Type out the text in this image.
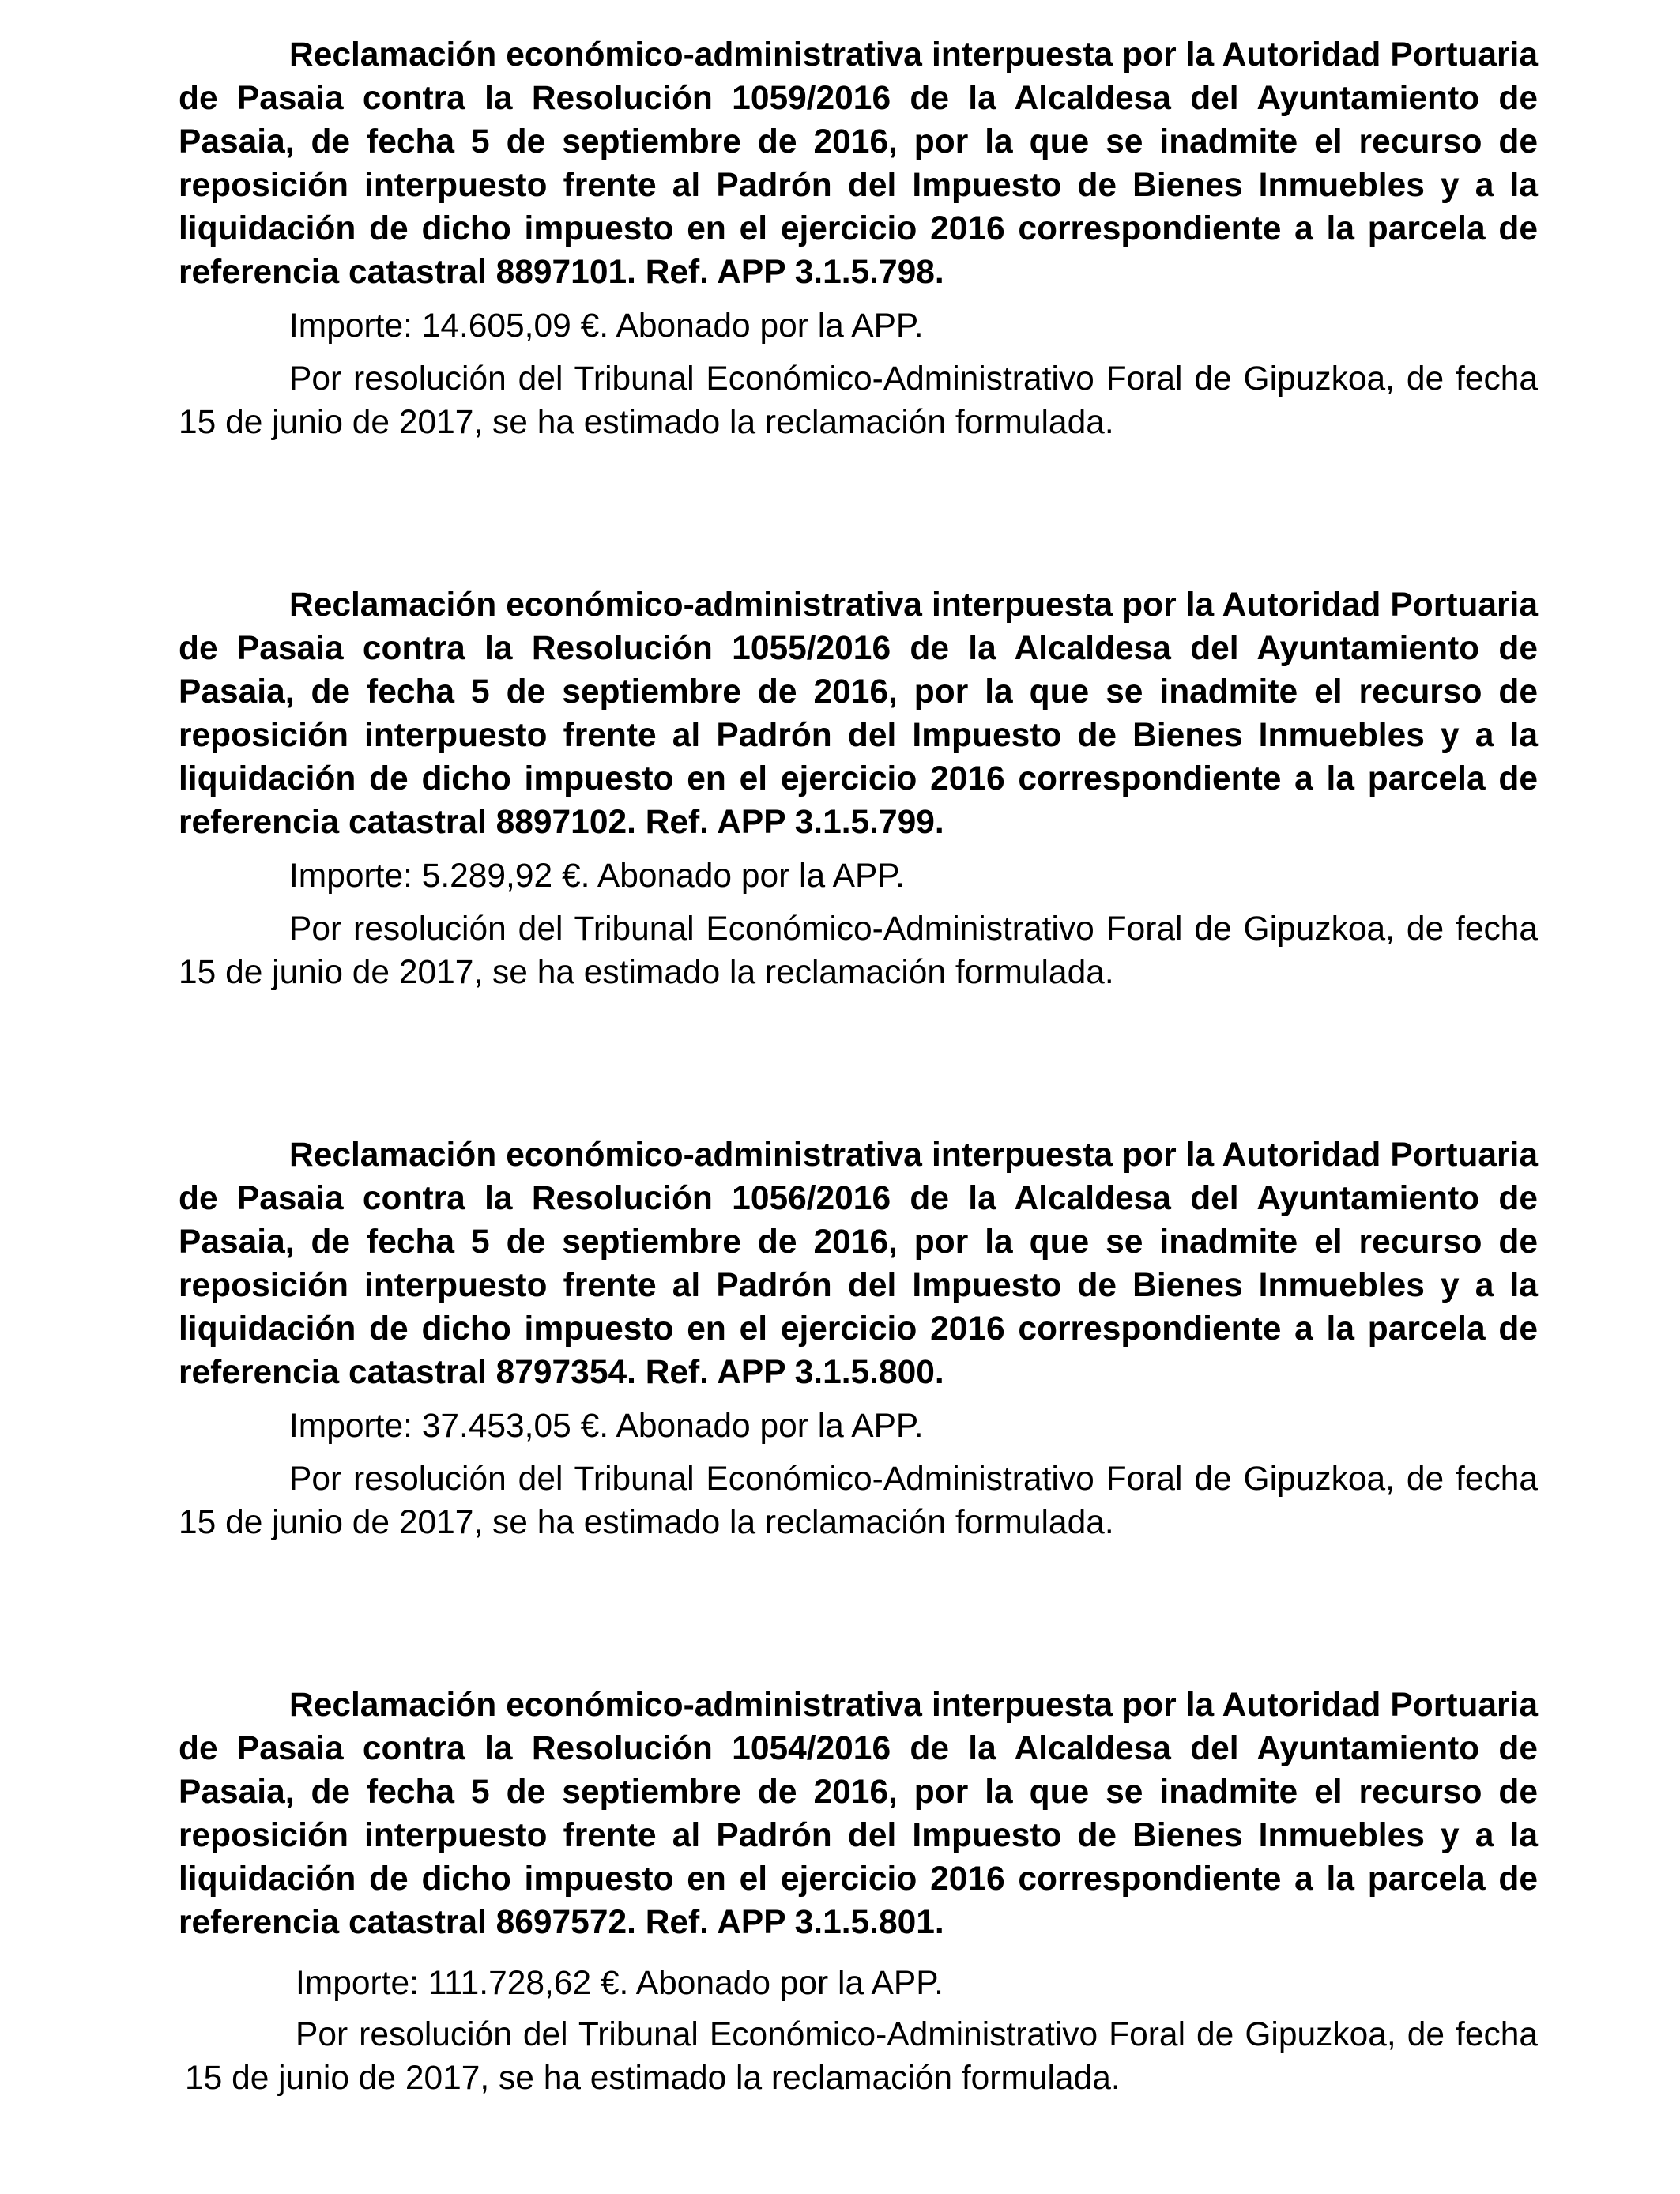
Reclamación económico-administrativa interpuesta por la Autoridad Portuaria de Pasaia contra la Resolución 1059/2016 de la Alcaldesa del Ayuntamiento de Pasaia, de fecha 5 de septiembre de 2016, por la que se inadmite el recurso de reposición interpuesto frente al Padrón del Impuesto de Bienes Inmuebles y a la liquidación de dicho impuesto en el ejercicio 2016 correspondiente a la parcela de referencia catastral 8897101. Ref. APP 3.1.5.798.

Importe: 14.605,09 €. Abonado por la APP.

Por resolución del Tribunal Económico-Administrativo Foral de Gipuzkoa, de fecha 15 de junio de 2017, se ha estimado la reclamación formulada.

Reclamación económico-administrativa interpuesta por la Autoridad Portuaria de Pasaia contra la Resolución 1055/2016 de la Alcaldesa del Ayuntamiento de Pasaia, de fecha 5 de septiembre de 2016, por la que se inadmite el recurso de reposición interpuesto frente al Padrón del Impuesto de Bienes Inmuebles y a la liquidación de dicho impuesto en el ejercicio 2016 correspondiente a la parcela de referencia catastral 8897102. Ref. APP 3.1.5.799.

Importe: 5.289,92 €. Abonado por la APP.

Por resolución del Tribunal Económico-Administrativo Foral de Gipuzkoa, de fecha 15 de junio de 2017, se ha estimado la reclamación formulada.

Reclamación económico-administrativa interpuesta por la Autoridad Portuaria de Pasaia contra la Resolución 1056/2016 de la Alcaldesa del Ayuntamiento de Pasaia, de fecha 5 de septiembre de 2016, por la que se inadmite el recurso de reposición interpuesto frente al Padrón del Impuesto de Bienes Inmuebles y a la liquidación de dicho impuesto en el ejercicio 2016 correspondiente a la parcela de referencia catastral 8797354. Ref. APP 3.1.5.800.

Importe: 37.453,05 €. Abonado por la APP.

Por resolución del Tribunal Económico-Administrativo Foral de Gipuzkoa, de fecha 15 de junio de 2017, se ha estimado la reclamación formulada.

Reclamación económico-administrativa interpuesta por la Autoridad Portuaria de Pasaia contra la Resolución 1054/2016 de la Alcaldesa del Ayuntamiento de Pasaia, de fecha 5 de septiembre de 2016, por la que se inadmite el recurso de reposición interpuesto frente al Padrón del Impuesto de Bienes Inmuebles y a la liquidación de dicho impuesto en el ejercicio 2016 correspondiente a la parcela de referencia catastral 8697572. Ref. APP 3.1.5.801.

Importe: 111.728,62 €. Abonado por la APP.

Por resolución del Tribunal Económico-Administrativo Foral de Gipuzkoa, de fecha 15 de junio de 2017, se ha estimado la reclamación formulada.
